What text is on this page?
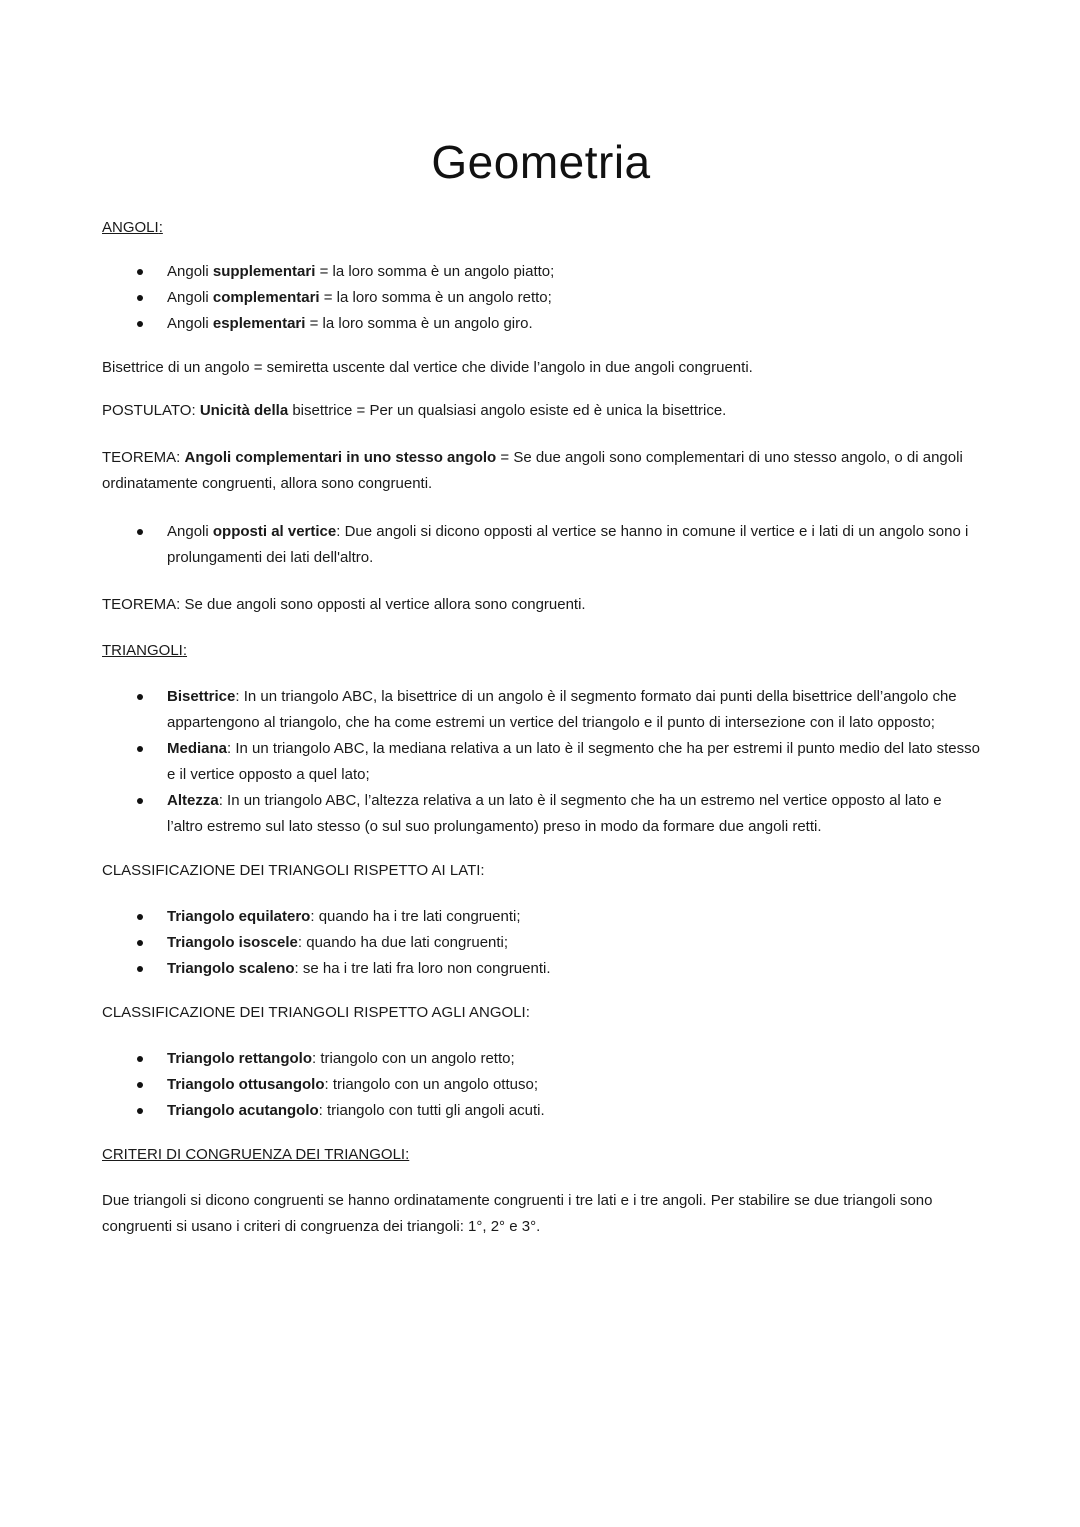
Geometria

ANGOLI:

Angoli supplementari = la loro somma è un angolo piatto;
Angoli complementari = la loro somma è un angolo retto;
Angoli esplementari = la loro somma è un angolo giro.

Bisettrice di un angolo = semiretta uscente dal vertice che divide l’angolo in due angoli congruenti.

POSTULATO: Unicità della bisettrice = Per un qualsiasi angolo esiste ed è unica la bisettrice.

TEOREMA: Angoli complementari in uno stesso angolo = Se due angoli sono complementari di uno stesso angolo, o di angoli ordinatamente congruenti, allora sono congruenti.

Angoli opposti al vertice: Due angoli si dicono opposti al vertice se hanno in comune il vertice e i lati di un angolo sono i prolungamenti dei lati dell'altro.

TEOREMA: Se due angoli sono opposti al vertice allora sono congruenti.

TRIANGOLI:

Bisettrice: In un triangolo ABC, la bisettrice di un angolo è il segmento formato dai punti della bisettrice dell’angolo che appartengono al triangolo, che ha come estremi un vertice del triangolo e il punto di intersezione con il lato opposto;
Mediana: In un triangolo ABC, la mediana relativa a un lato è il segmento che ha per estremi il punto medio del lato stesso e il vertice opposto a quel lato;
Altezza: In un triangolo ABC, l’altezza relativa a un lato è il segmento che ha un estremo nel vertice opposto al lato e l’altro estremo sul lato stesso (o sul suo prolungamento) preso in modo da formare due angoli retti.

CLASSIFICAZIONE DEI TRIANGOLI RISPETTO AI LATI:

Triangolo equilatero: quando ha i tre lati congruenti;
Triangolo isoscele: quando ha due lati congruenti;
Triangolo scaleno: se ha i tre lati fra loro non congruenti.

CLASSIFICAZIONE DEI TRIANGOLI RISPETTO AGLI ANGOLI:

Triangolo rettangolo: triangolo con un angolo retto;
Triangolo ottusangolo: triangolo con un angolo ottuso;
Triangolo acutangolo: triangolo con tutti gli angoli acuti.

CRITERI DI CONGRUENZA DEI TRIANGOLI:

Due triangoli si dicono congruenti se hanno ordinatamente congruenti i tre lati e i tre angoli. Per stabilire se due triangoli sono congruenti si usano i criteri di congruenza dei triangoli: 1°, 2° e 3°.
